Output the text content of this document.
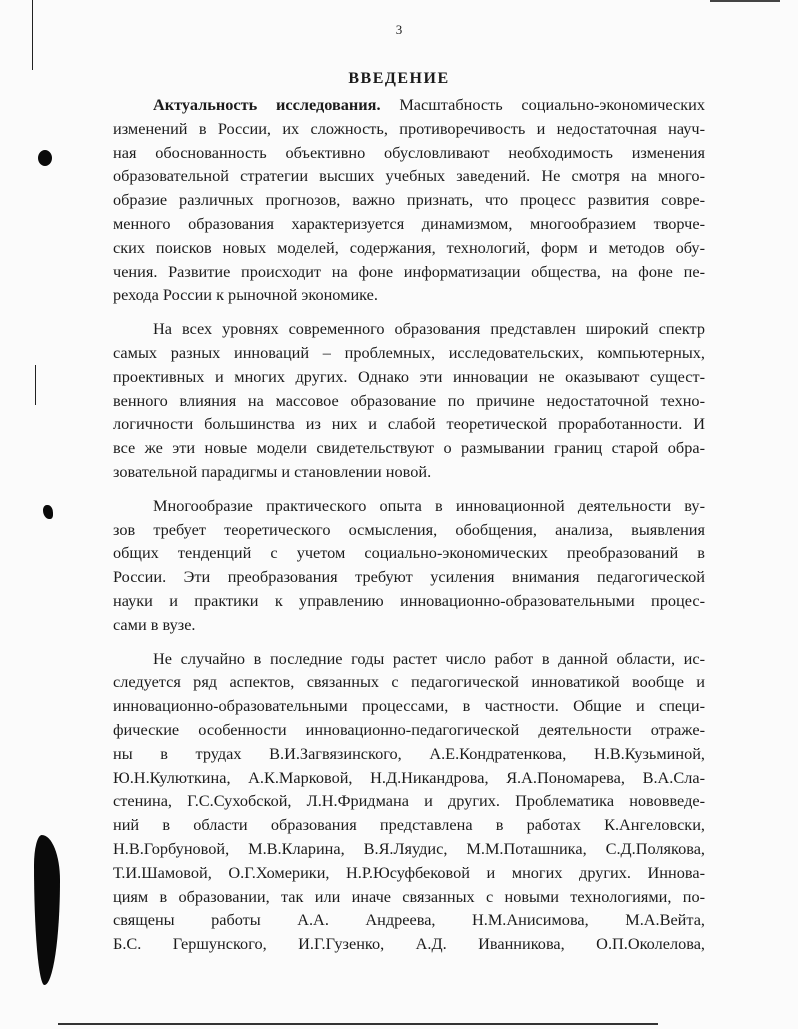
3
ВВЕДЕНИЕ
Актуальность исследования. Масштабность социально-экономических
изменений в России, их сложность, противоречивость и недостаточная науч-
ная обоснованность объективно обусловливают необходимость изменения
образовательной стратегии высших учебных заведений. Не смотря на много-
образие различных прогнозов, важно признать, что процесс развития совре-
менного образования характеризуется динамизмом, многообразием творче-
ских поисков новых моделей, содержания, технологий, форм и методов обу-
чения. Развитие происходит на фоне информатизации общества, на фоне пе-
рехода России к рыночной экономике.
На всех уровнях современного образования представлен широкий спектр
самых разных инноваций – проблемных, исследовательских, компьютерных,
проективных и многих других. Однако эти инновации не оказывают сущест-
венного влияния на массовое образование по причине недостаточной техно-
логичности большинства из них и слабой теоретической проработанности. И
все же эти новые модели свидетельствуют о размывании границ старой обра-
зовательной парадигмы и становлении новой.
Многообразие практического опыта в инновационной деятельности ву-
зов требует теоретического осмысления, обобщения, анализа, выявления
общих тенденций с учетом социально-экономических преобразований в
России. Эти преобразования требуют усиления внимания педагогической
науки и практики к управлению инновационно-образовательными процес-
сами в вузе.
Не случайно в последние годы растет число работ в данной области, ис-
следуется ряд аспектов, связанных с педагогической инноватикой вообще и
инновационно-образовательными процессами, в частности. Общие и специ-
фические особенности инновационно-педагогической деятельности отраже-
ны в трудах В.И.Загвязинского, А.Е.Кондратенкова, Н.В.Кузьминой,
Ю.Н.Кулюткина, А.К.Марковой, Н.Д.Никандрова, Я.А.Пономарева, В.А.Сла-
стенина, Г.С.Сухобской, Л.Н.Фридмана и других. Проблематика нововведе-
ний в области образования представлена в работах К.Ангеловски,
Н.В.Горбуновой, М.В.Кларина, В.Я.Ляудис, М.М.Поташника, С.Д.Полякова,
Т.И.Шамовой, О.Г.Хомерики, Н.Р.Юсуфбековой и многих других. Иннова-
циям в образовании, так или иначе связанных с новыми технологиями, по-
священы работы А.А. Андреева, Н.М.Анисимова, М.А.Вейта,
Б.С. Гершунского, И.Г.Гузенко, А.Д. Иванникова, О.П.Околелова,
